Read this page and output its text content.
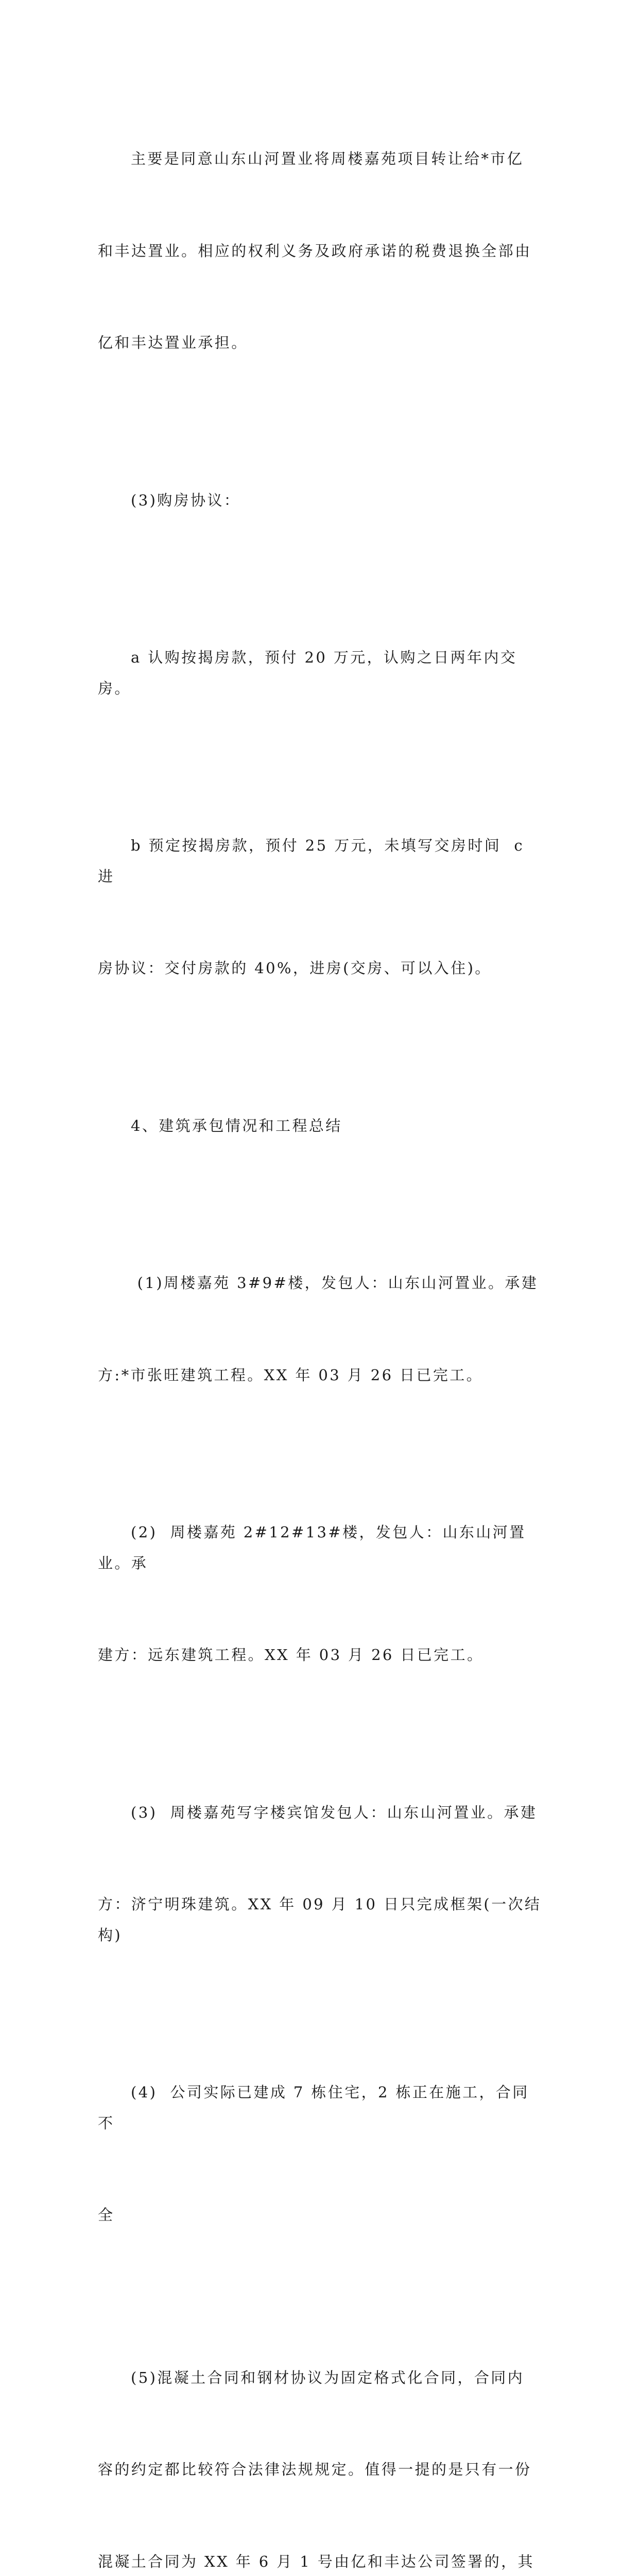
主要是同意山东山河置业将周楼嘉苑项目转让给*市亿

和丰达置业。相应的权利义务及政府承诺的税费退换全部由

亿和丰达置业承担。

(3)购房协议：

a 认购按揭房款，预付 20 万元，认购之日两年内交房。

b 预定按揭房款，预付 25 万元，未填写交房时间  c 进

房协议：交付房款的 40%，进房(交房、可以入住)。

4、建筑承包情况和工程总结

(1)周楼嘉苑 3#9#楼，发包人：山东山河置业。承建

方:*市张旺建筑工程。XX 年 03 月 26 日已完工。

(2)  周楼嘉苑 2#12#13#楼，发包人：山东山河置业。承

建方：远东建筑工程。XX 年 03 月 26 日已完工。

(3)  周楼嘉苑写字楼宾馆发包人：山东山河置业。承建

方：济宁明珠建筑。XX 年 09 月 10 日只完成框架(一次结构)

(4)  公司实际已建成 7 栋住宅，2 栋正在施工，合同不

全

(5)混凝土合同和钢材协议为固定格式化合同，合同内

容的约定都比较符合法律法规规定。值得一提的是只有一份

混凝土合同为 XX 年 6 月 1 号由亿和丰达公司签署的，其
